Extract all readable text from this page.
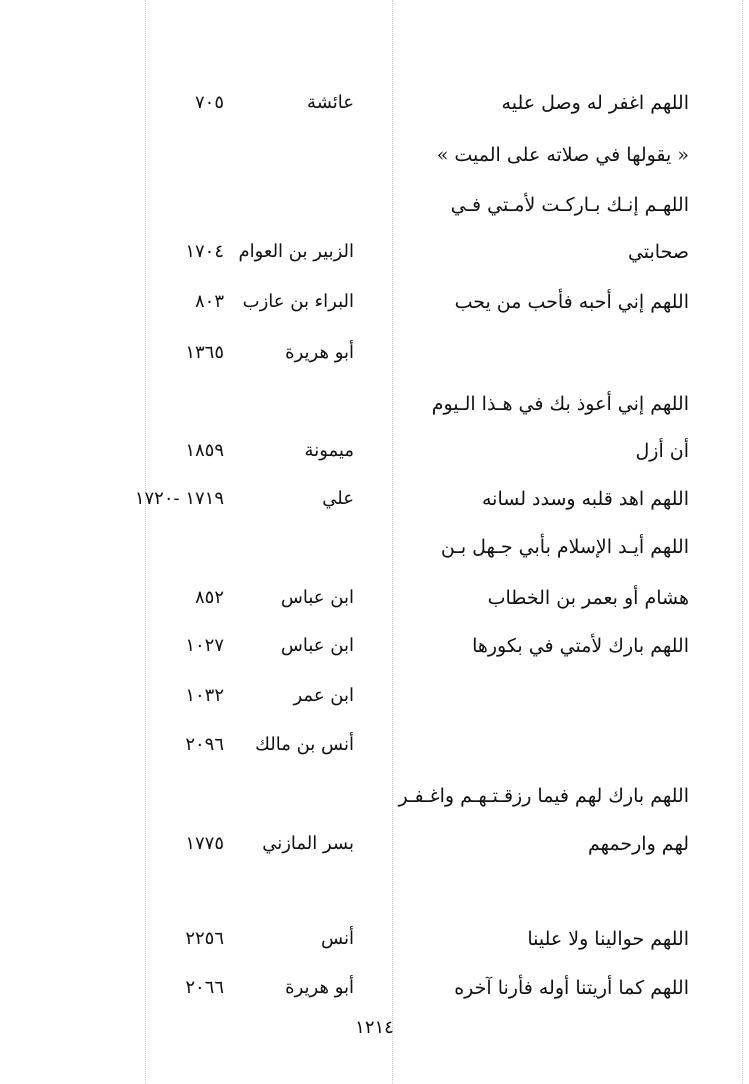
اللهم اغفر له وصل عليه
عائشة
٧٠٥
« يقولها في صلاته على الميت »
اللهـم إنـك بـاركـت لأمـتي فـي
صحابتي
الزبير بن العوام
١٧٠٤
اللهم إني أحبه فأحب من يحب
البراء بن عازب
٨٠٣
أبو هريرة
١٣٦٥
اللهم إني أعوذ بك في هـذا الـيوم
أن أزل
ميمونة
١٨٥٩
اللهم اهد قلبه وسدد لسانه
علي
١٧١٩ -١٧٢٠
اللهم أيـد الإسلام بأبي جـهل بـن
هشام أو بعمر بن الخطاب
ابن عباس
٨٥٢
اللهم بارك لأمتي في بكورها
ابن عباس
١٠٢٧
ابن عمر
١٠٣٢
أنس بن مالك
٢٠٩٦
اللهم بارك لهم فيما رزقـتـهـم واغـفـر
لهم وارحمهم
بسر المازني
١٧٧٥
اللهم حوالينا ولا علينا
أنس
٢٢٥٦
اللهم كما أريتنا أوله فأرنا آخره
أبو هريرة
٢٠٦٦
١٢١٤
